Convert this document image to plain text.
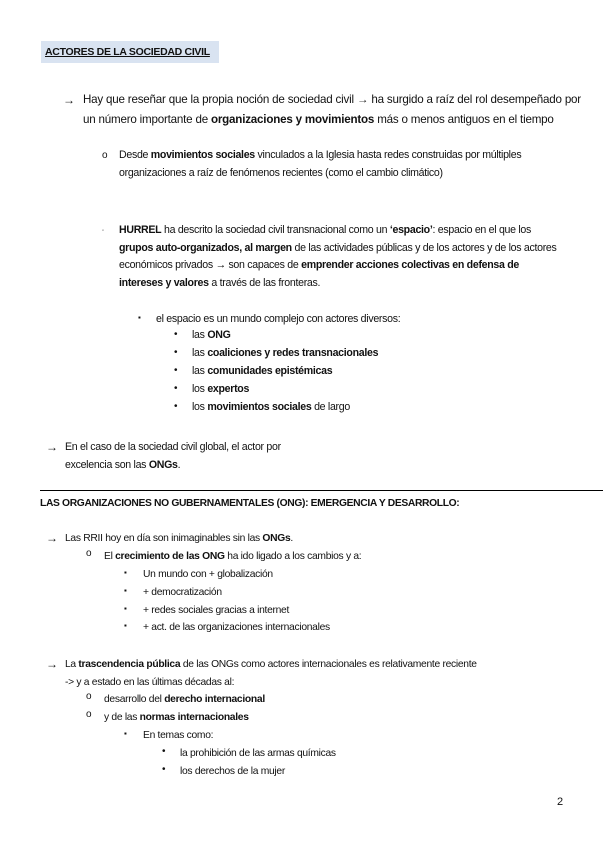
ACTORES DE LA SOCIEDAD CIVIL
→ Hay que reseñar que la propia noción de sociedad civil → ha surgido a raíz del rol desempeñado por un número importante de organizaciones y movimientos más o menos antiguos en el tiempo
o Desde movimientos sociales vinculados a la Iglesia hasta redes construidas por múltiples organizaciones a raíz de fenómenos recientes (como el cambio climático)
◦ HURREL ha descrito la sociedad civil transnacional como un ‘espacio’: espacio en el que los grupos auto-organizados, al margen de las actividades públicas y de los actores y de los actores económicos privados → son capaces de emprender acciones colectivas en defensa de intereses y valores a través de las fronteras.
▪ el espacio es un mundo complejo con actores diversos:
• las ONG
• las coaliciones y redes transnacionales
• las comunidades epistémicas
• los expertos
• los movimientos sociales de largo
→ En el caso de la sociedad civil global, el actor por
excelencia son las ONGs.
LAS ORGANIZACIONES NO GUBERNAMENTALES (ONG): EMERGENCIA Y DESARROLLO:
→ Las RRII hoy en día son inimaginables sin las ONGs.
o El crecimiento de las ONG ha ido ligado a los cambios y a:
▪ Un mundo con + globalización
▪ + democratización
▪ + redes sociales gracias a internet
▪ + act. de las organizaciones internacionales
→ La trascendencia pública de las ONGs como actores internacionales es relativamente reciente
-> y a estado en las últimas décadas al:
o desarrollo del derecho internacional
o y de las normas internacionales
▪ En temas como:
• la prohibición de las armas químicas
• los derechos de la mujer
2
